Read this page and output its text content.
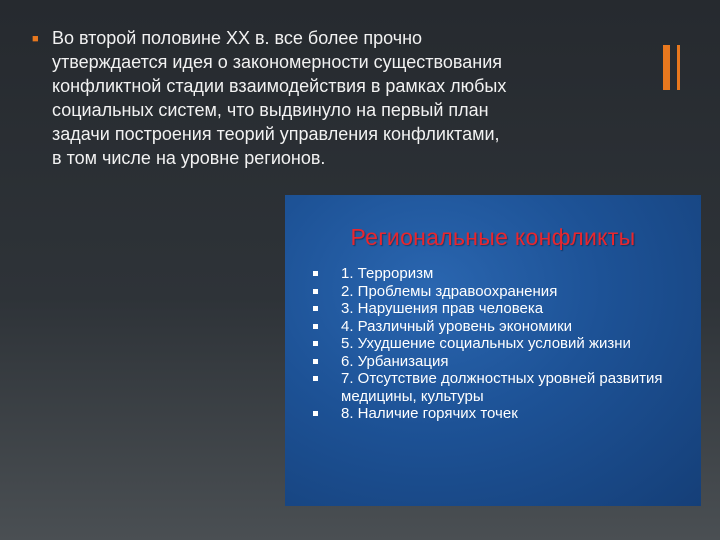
■ Во второй половине XX в. все более прочно утверждается идея о закономерности существования конфликтной стадии взаимодействия в рамках любых социальных систем, что выдвинуло на первый план задачи построения теорий управления конфликтами, в том числе на уровне регионов.
Региональные конфликты
1. Терроризм
2. Проблемы здравоохранения
3. Нарушения прав человека
4. Различный уровень экономики
5. Ухудшение социальных условий жизни
6. Урбанизация
7. Отсутствие должностных уровней развития медицины, культуры
8. Наличие горячих точек
